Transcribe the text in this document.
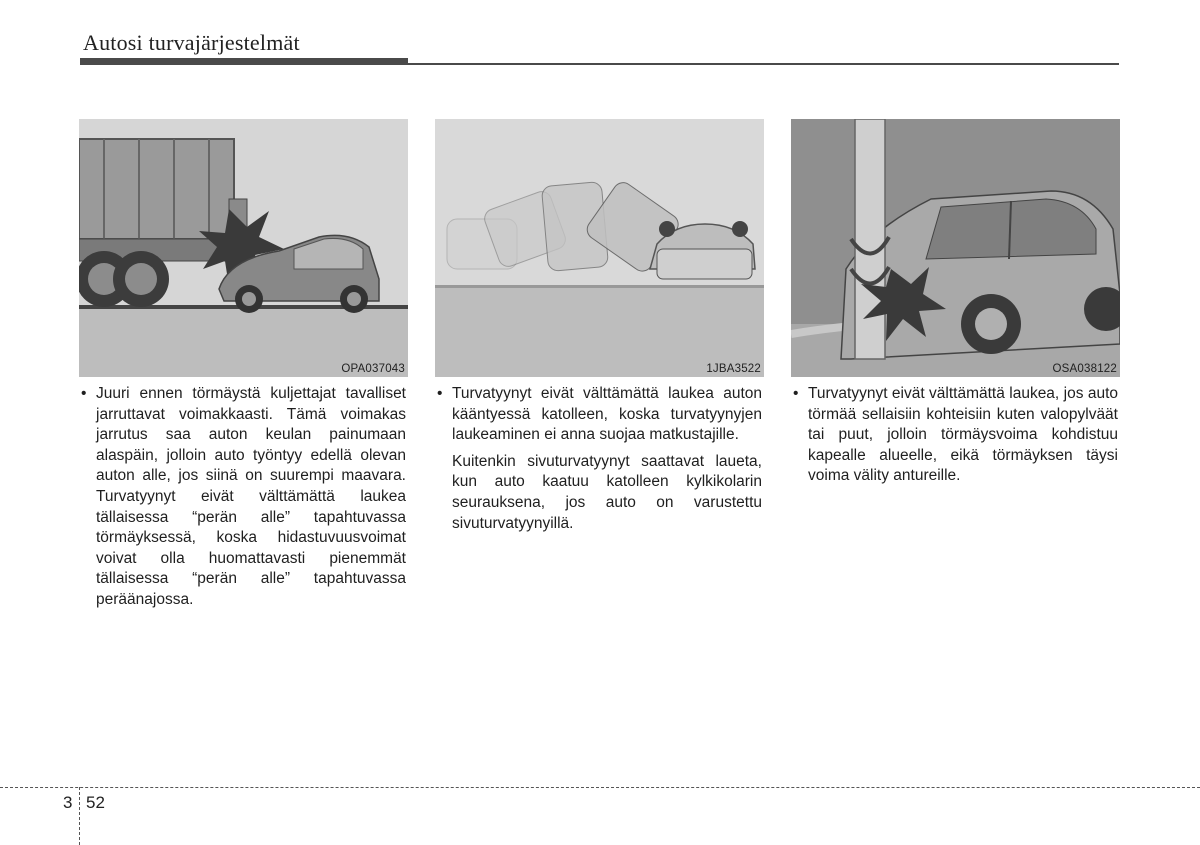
Autosi turvajärjestelmät
OPA037043	1JBA3522	OSA038122

• Juuri ennen törmäystä kuljettajat tavalliset jarruttavat voimakkaasti. Tämä voimakas jarrutus saa auton keulan painumaan alaspäin, jolloin auto työntyy edellä olevan auton alle, jos siinä on suurempi maavara. Turvatyynyt eivät välttämättä laukea tällaisessa “perän alle” tapahtuvassa törmäyksessä, koska hidastuvuusvoimat voivat olla huomattavasti pienemmät tällaisessa “perän alle” tapahtuvassa peräänajossa.

• Turvatyynyt eivät välttämättä laukea auton kääntyessä katolleen, koska turvatyynyjen laukeaminen ei anna suojaa matkustajille.

Kuitenkin sivuturvatyynyt saattavat laueta, kun auto kaatuu katolleen kylkikolarin seurauksena, jos auto on varustettu sivuturvatyynyillä.

• Turvatyynyt eivät välttämättä laukea, jos auto törmää sellaisiin kohteisiin kuten valopylväät tai puut, jolloin törmäysvoima kohdistuu kapealle alueelle, eikä törmäyksen täysi voima välity antureille.

3 52
